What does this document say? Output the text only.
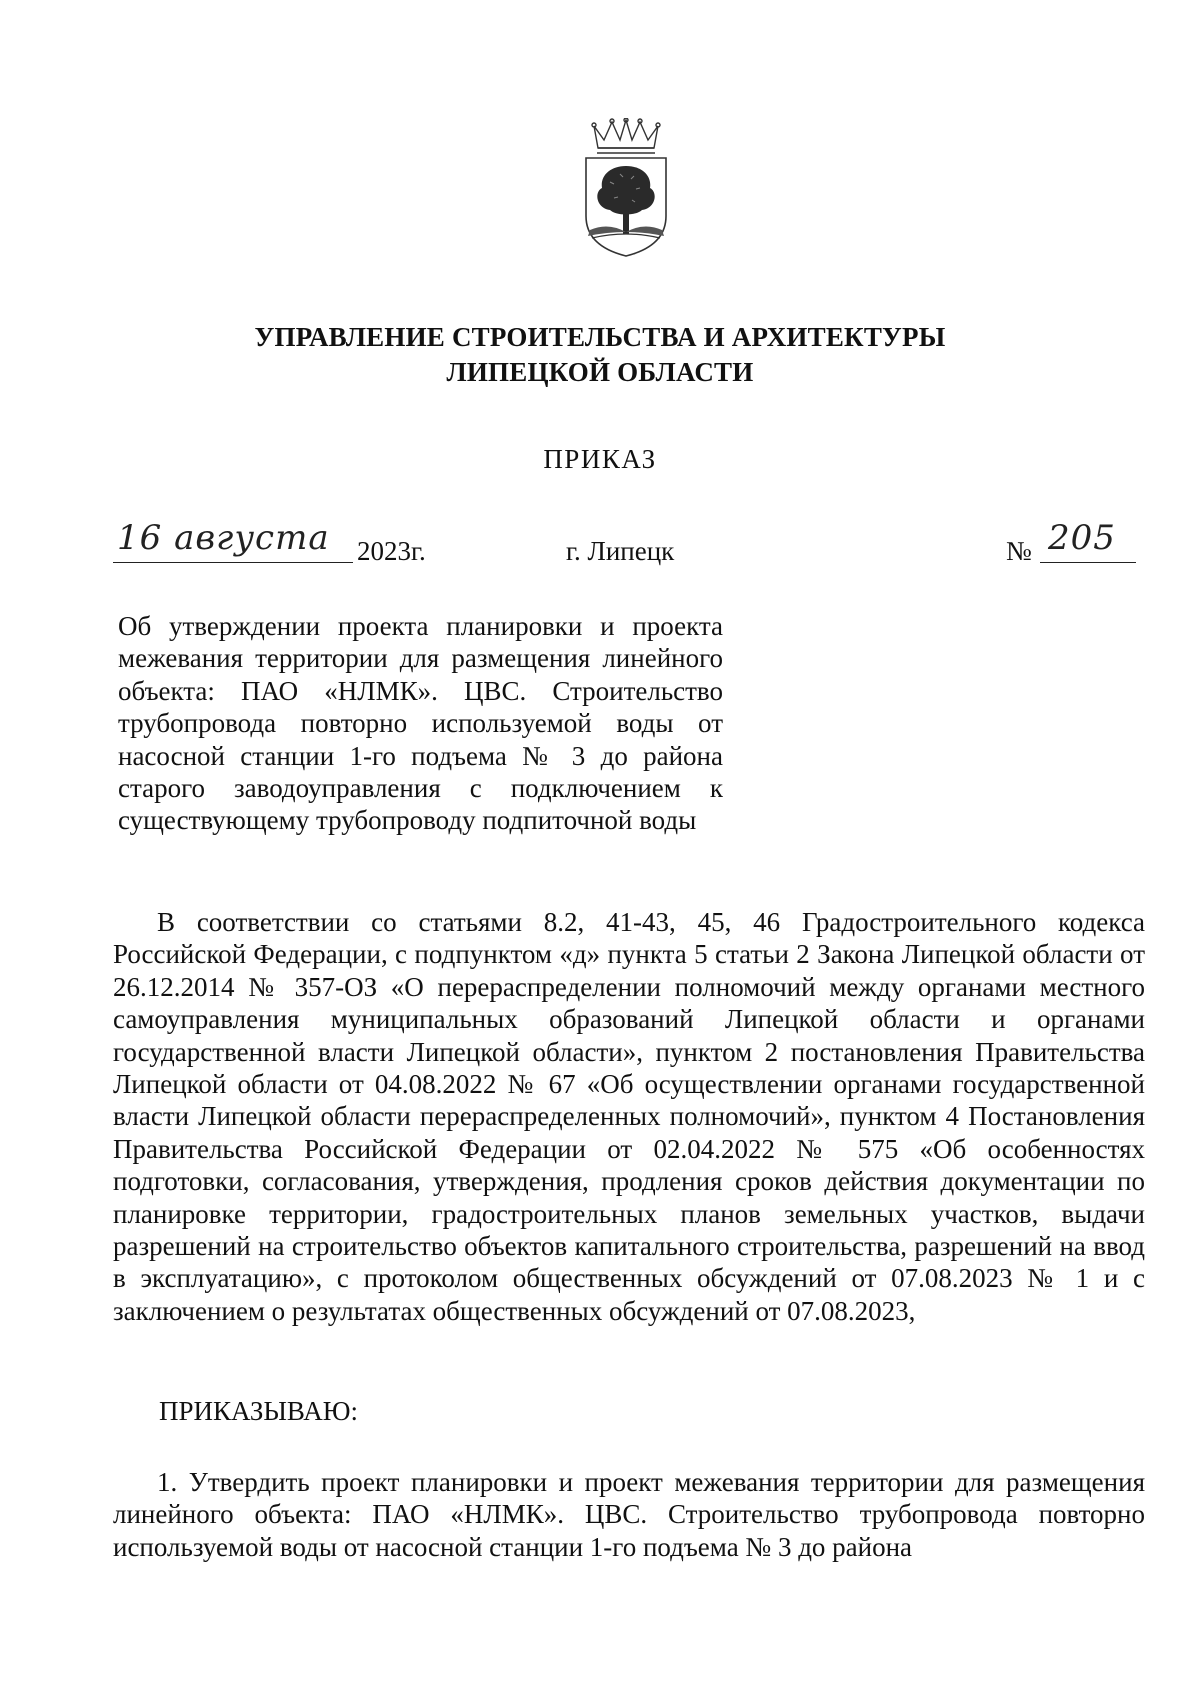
УПРАВЛЕНИЕ СТРОИТЕЛЬСТВА И АРХИТЕКТУРЫ
ЛИПЕЦКОЙ ОБЛАСТИ
ПРИКАЗ
16 августа 2023г.	г. Липецк	№ 205
Об утверждении проекта планировки и проекта межевания территории для размещения линейного объекта: ПАО «НЛМК». ЦВС. Строительство трубопровода повторно используемой воды от насосной станции 1-го подъема № 3 до района старого заводоуправления с подключением к существующему трубопроводу подпиточной воды
В соответствии со статьями 8.2, 41-43, 45, 46 Градостроительного кодекса Российской Федерации, с подпунктом «д» пункта 5 статьи 2 Закона Липецкой области от 26.12.2014 № 357-ОЗ «О перераспределении полномочий между органами местного самоуправления муниципальных образований Липецкой области и органами государственной власти Липецкой области», пунктом 2 постановления Правительства Липецкой области от 04.08.2022 № 67 «Об осуществлении органами государственной власти Липецкой области перераспределенных полномочий», пунктом 4 Постановления Правительства Российской Федерации от 02.04.2022 № 575 «Об особенностях подготовки, согласования, утверждения, продления сроков действия документации по планировке территории, градостроительных планов земельных участков, выдачи разрешений на строительство объектов капитального строительства, разрешений на ввод в эксплуатацию», с протоколом общественных обсуждений от 07.08.2023 № 1 и с заключением о результатах общественных обсуждений от 07.08.2023,
ПРИКАЗЫВАЮ:
1. Утвердить проект планировки и проект межевания территории для размещения линейного объекта: ПАО «НЛМК». ЦВС. Строительство трубопровода повторно используемой воды от насосной станции 1-го подъема № 3 до района
